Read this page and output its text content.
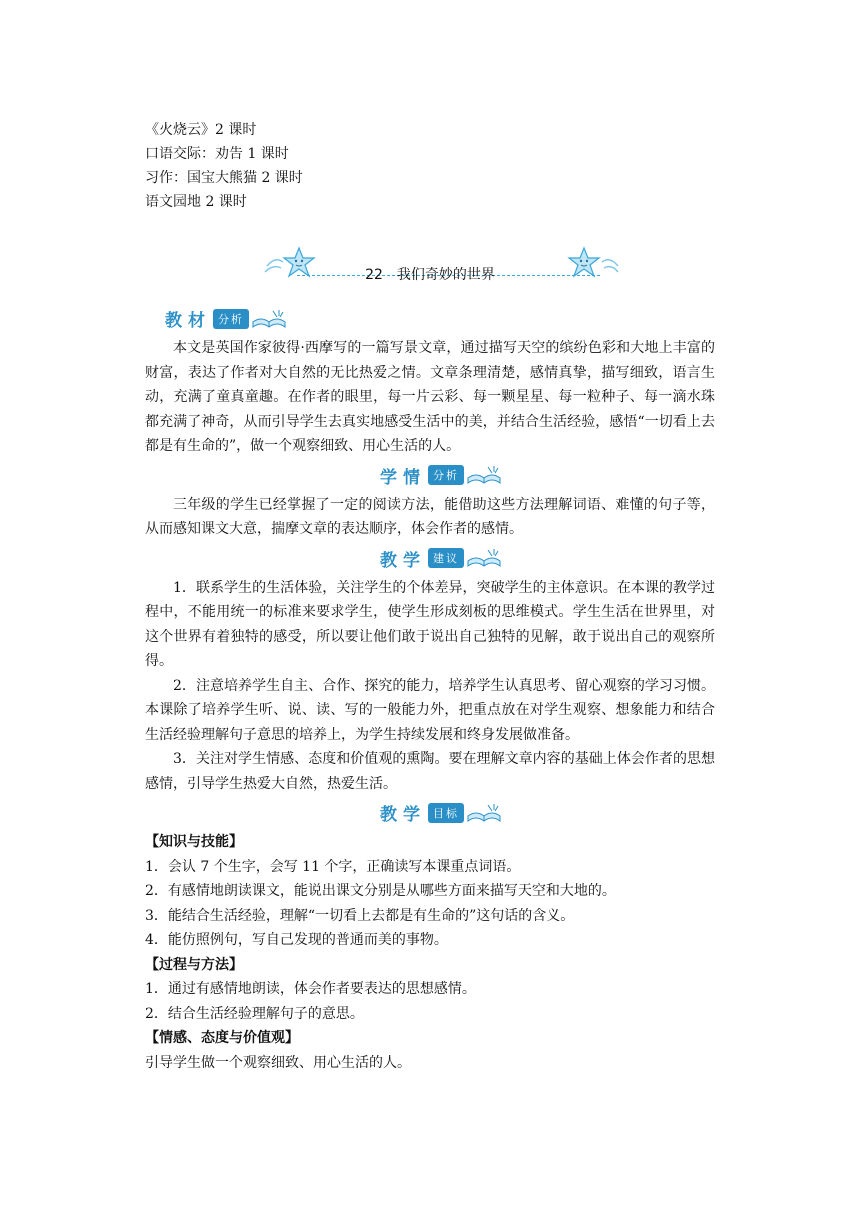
《火烧云》2 课时
口语交际：劝告 1 课时
习作：国宝大熊猫 2 课时
语文园地 2 课时
22　我们奇妙的世界
教材 分析

本文是英国作家彼得·西摩写的一篇写景文章，通过描写天空的缤纷色彩和大地上丰富的财富，表达了作者对大自然的无比热爱之情。文章条理清楚，感情真挚，描写细致，语言生动，充满了童真童趣。在作者的眼里，每一片云彩、每一颗星星、每一粒种子、每一滴水珠都充满了神奇，从而引导学生去真实地感受生活中的美，并结合生活经验，感悟“一切看上去都是有生命的”，做一个观察细致、用心生活的人。

学情 分析

三年级的学生已经掌握了一定的阅读方法，能借助这些方法理解词语、难懂的句子等，从而感知课文大意，揣摩文章的表达顺序，体会作者的感情。

教学 建议

1．联系学生的生活体验，关注学生的个体差异，突破学生的主体意识。在本课的教学过程中，不能用统一的标准来要求学生，使学生形成刻板的思维模式。学生生活在世界里，对这个世界有着独特的感受，所以要让他们敢于说出自己独特的见解，敢于说出自己的观察所得。

2．注意培养学生自主、合作、探究的能力，培养学生认真思考、留心观察的学习习惯。本课除了培养学生听、说、读、写的一般能力外，把重点放在对学生观察、想象能力和结合生活经验理解句子意思的培养上，为学生持续发展和终身发展做准备。

3．关注对学生情感、态度和价值观的熏陶。要在理解文章内容的基础上体会作者的思想感情，引导学生热爱大自然，热爱生活。

教学 目标
【知识与技能】
1．会认 7 个生字，会写 11 个字，正确读写本课重点词语。
2．有感情地朗读课文，能说出课文分别是从哪些方面来描写天空和大地的。
3．能结合生活经验，理解“一切看上去都是有生命的”这句话的含义。
4．能仿照例句，写自己发现的普通而美的事物。
【过程与方法】
1．通过有感情地朗读，体会作者要表达的思想感情。
2．结合生活经验理解句子的意思。
【情感、态度与价值观】
引导学生做一个观察细致、用心生活的人。
